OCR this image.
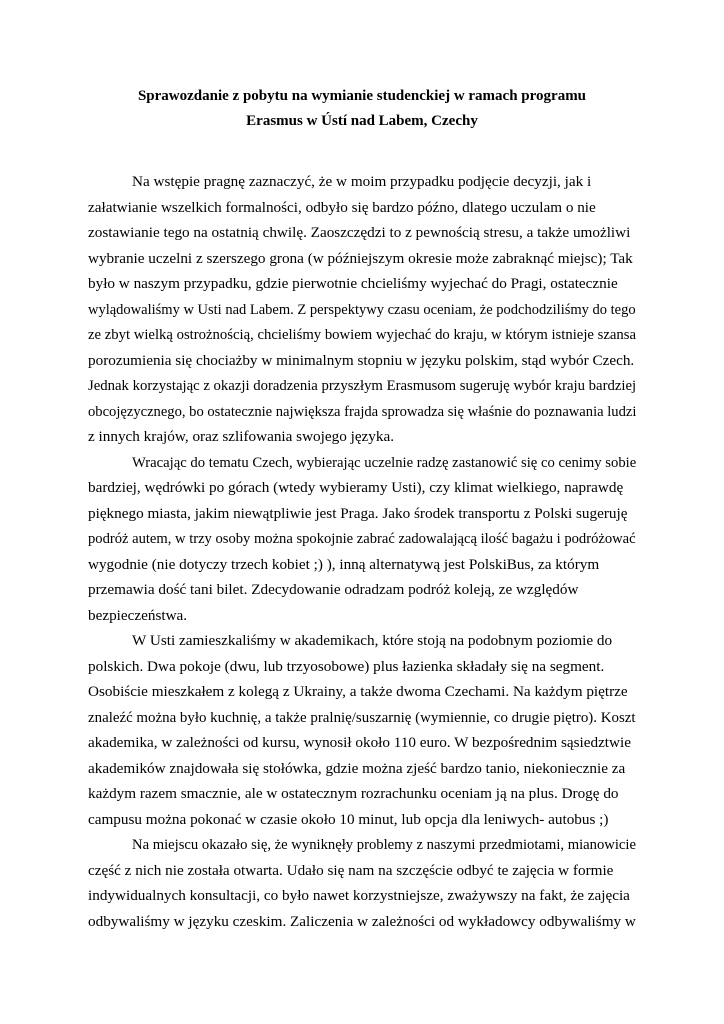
Sprawozdanie z pobytu na wymianie studenckiej w ramach programu
Erasmus w Ústí nad Labem, Czechy
Na wstępie pragnę zaznaczyć, że w moim przypadku podjęcie decyzji, jak i
załatwianie wszelkich formalności, odbyło się bardzo późno, dlatego uczulam o nie
zostawianie tego na ostatnią chwilę. Zaoszczędzi to z pewnością stresu, a także umożliwi
wybranie uczelni z szerszego grona (w późniejszym okresie może zabraknąć miejsc); Tak
było w naszym przypadku, gdzie pierwotnie chcieliśmy wyjechać do Pragi, ostatecznie
wylądowaliśmy w Usti nad Labem. Z perspektywy czasu oceniam, że podchodziliśmy do tego
ze zbyt wielką ostrożnością, chcieliśmy bowiem wyjechać do kraju, w którym istnieje szansa
porozumienia się chociażby w minimalnym stopniu w języku polskim, stąd wybór Czech.
Jednak korzystając z okazji doradzenia przyszłym Erasmusom sugeruję wybór kraju bardziej
obcojęzycznego, bo ostatecznie największa frajda sprowadza się właśnie do poznawania ludzi
z innych krajów, oraz szlifowania swojego języka.
Wracając do tematu Czech, wybierając uczelnie radzę zastanowić się co cenimy sobie
bardziej, wędrówki po górach (wtedy wybieramy Usti), czy klimat wielkiego, naprawdę
pięknego miasta, jakim niewątpliwie jest Praga. Jako środek transportu z Polski sugeruję
podróż autem, w trzy osoby można spokojnie zabrać zadowalającą ilość bagażu i podróżować
wygodnie (nie dotyczy trzech kobiet ;) ), inną alternatywą jest PolskiBus, za którym
przemawia dość tani bilet. Zdecydowanie odradzam podróż koleją, ze względów
bezpieczeństwa.
W Usti zamieszkaliśmy w akademikach, które stoją na podobnym poziomie do
polskich. Dwa pokoje (dwu, lub trzyosobowe) plus łazienka składały się na segment.
Osobiście mieszkałem z kolegą z Ukrainy, a także dwoma Czechami. Na każdym piętrze
znaleźć można było kuchnię, a także pralnię/suszarnię (wymiennie, co drugie piętro). Koszt
akademika, w zależności od kursu, wynosił około 110 euro. W bezpośrednim sąsiedztwie
akademików znajdowała się stołówka, gdzie można zjeść bardzo tanio, niekoniecznie za
każdym razem smacznie, ale w ostatecznym rozrachunku oceniam ją na plus. Drogę do
campusu można pokonać w czasie około 10 minut, lub opcja dla leniwych- autobus ;)
Na miejscu okazało się, że wyniknęły problemy z naszymi przedmiotami, mianowicie
część z nich nie została otwarta. Udało się nam na szczęście odbyć te zajęcia w formie
indywidualnych konsultacji, co było nawet korzystniejsze, zważywszy na fakt, że zajęcia
odbywaliśmy w języku czeskim. Zaliczenia w zależności od wykładowcy odbywaliśmy w
